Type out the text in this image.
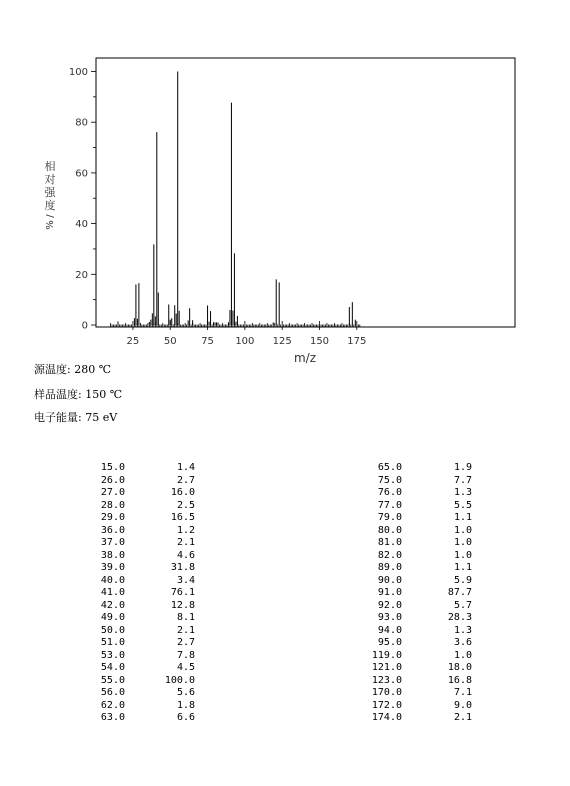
25 50 75 100 125 150 175
0
20
40
60
80
100
m/z
相
对
强
度
/
%
源温度: 280 ℃
样品温度: 150 ℃
电子能量: 75 eV
15.0	1.4
26.0	2.7
27.0	16.0
28.0	2.5
29.0	16.5
36.0	1.2
37.0	2.1
38.0	4.6
39.0	31.8
40.0	3.4
41.0	76.1
42.0	12.8
49.0	8.1
50.0	2.1
51.0	2.7
53.0	7.8
54.0	4.5
55.0	100.0
56.0	5.6
62.0	1.8
63.0	6.6
65.0	1.9
75.0	7.7
76.0	1.3
77.0	5.5
79.0	1.1
80.0	1.0
81.0	1.0
82.0	1.0
89.0	1.1
90.0	5.9
91.0	87.7
92.0	5.7
93.0	28.3
94.0	1.3
95.0	3.6
119.0	1.0
121.0	18.0
123.0	16.8
170.0	7.1
172.0	9.0
174.0	2.1
